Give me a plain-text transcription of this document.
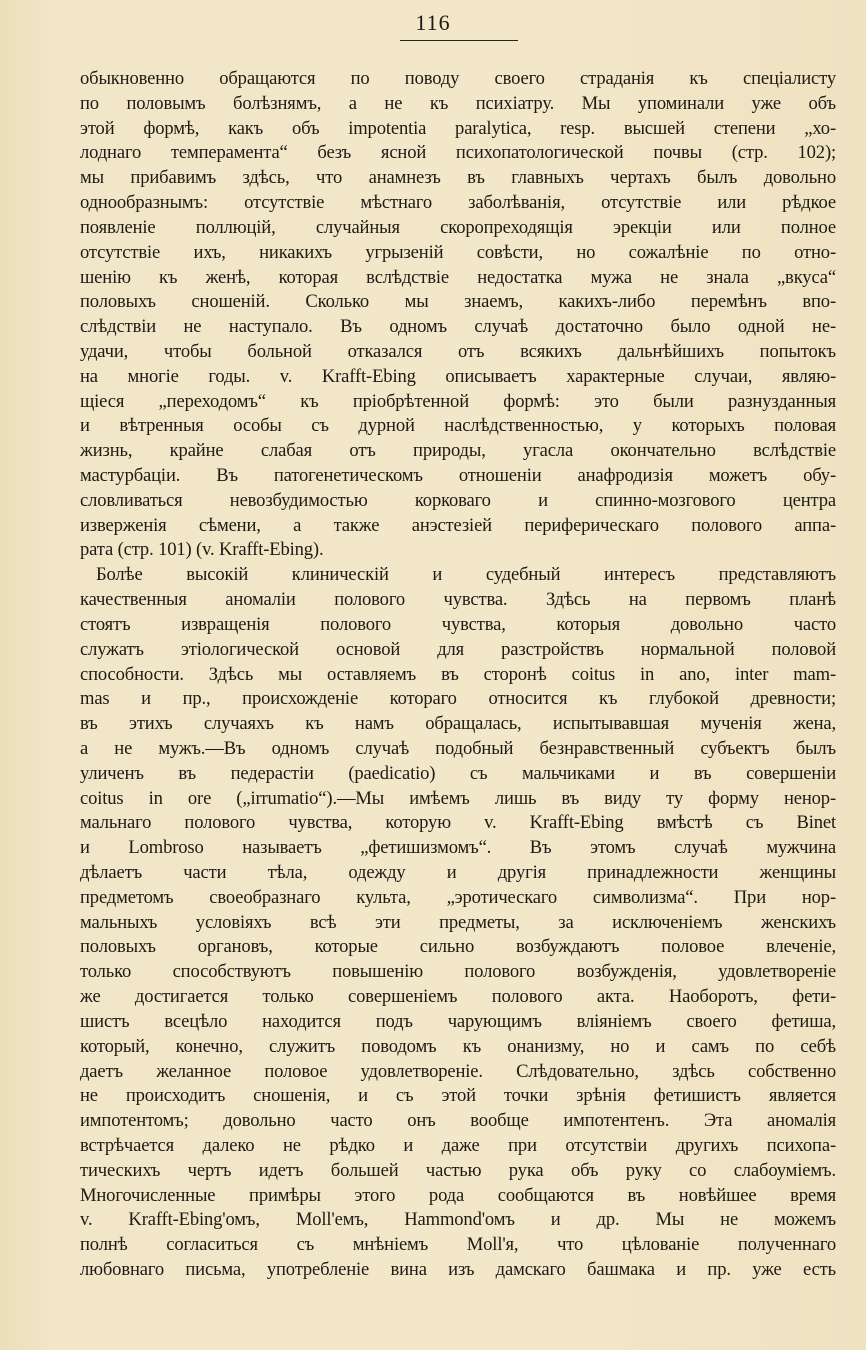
116
обыкновенно обращаются по поводу своего страданія къ спеціалисту
по половымъ болѣзнямъ, а не къ психіатру. Мы упоминали уже объ
этой формѣ, какъ объ impotentia paralytica, resp. высшей степени „хо-
лоднаго темперамента“ безъ ясной психопатологической почвы (стр. 102);
мы прибавимъ здѣсь, что анамнезъ въ главныхъ чертахъ былъ довольно
однообразнымъ: отсутствіе мѣстнаго заболѣванія, отсутствіе или рѣдкое
появленіе поллюцій, случайныя скоропреходящія эрекціи или полное
отсутствіе ихъ, никакихъ угрызеній совѣсти, но сожалѣніе по отно-
шенію къ женѣ, которая вслѣдствіе недостатка мужа не знала „вкуса“
половыхъ сношеній. Сколько мы знаемъ, какихъ-либо перемѣнъ впо-
слѣдствіи не наступало. Въ одномъ случаѣ достаточно было одной не-
удачи, чтобы больной отказался отъ всякихъ дальнѣйшихъ попытокъ
на многіе годы. v. Krafft-Ebing описываетъ характерные случаи, являю-
щіеся „переходомъ“ къ пріобрѣтенной формѣ: это были разнузданныя
и вѣтренныя особы съ дурной наслѣдственностью, у которыхъ половая
жизнь, крайне слабая отъ природы, угасла окончательно вслѣдствіе
мастурбаціи. Въ патогенетическомъ отношеніи анафродизія можетъ обу-
словливаться невозбудимостью корковаго и спинно-мозгового центра
изверженія сѣмени, а также анэстезіей периферическаго полового аппа-
рата (стр. 101) (v. Krafft-Ebing).
Болѣе высокій клиническій и судебный интересъ представляютъ
качественныя аномаліи полового чувства. Здѣсь на первомъ планѣ
стоятъ извращенія полового чувства, которыя довольно часто
служатъ этіологической основой для разстройствъ нормальной половой
способности. Здѣсь мы оставляемъ въ сторонѣ coitus in ano, inter mam-
mas и пр., происхожденіе котораго относится къ глубокой древности;
въ этихъ случаяхъ къ намъ обращалась, испытывавшая мученія жена,
а не мужъ.—Въ одномъ случаѣ подобный безнравственный субъектъ былъ
уличенъ въ педерастіи (paedicatio) съ мальчиками и въ совершеніи
coitus in ore („irrumatio“).—Мы имѣемъ лишь въ виду ту форму ненор-
мальнаго полового чувства, которую v. Krafft-Ebing вмѣстѣ съ Binet
и Lombroso называетъ „фетишизмомъ“. Въ этомъ случаѣ мужчина
дѣлаетъ части тѣла, одежду и другія принадлежности женщины
предметомъ своеобразнаго культа, „эротическаго символизма“. При нор-
мальныхъ условіяхъ всѣ эти предметы, за исключеніемъ женскихъ
половыхъ органовъ, которые сильно возбуждаютъ половое влеченіе,
только способствуютъ повышенію полового возбужденія, удовлетвореніе
же достигается только совершеніемъ полового акта. Наоборотъ, фети-
шистъ всецѣло находится подъ чарующимъ вліяніемъ своего фетиша,
который, конечно, служитъ поводомъ къ онанизму, но и самъ по себѣ
даетъ желанное половое удовлетвореніе. Слѣдовательно, здѣсь собственно
не происходитъ сношенія, и съ этой точки зрѣнія фетишистъ является
импотентомъ; довольно часто онъ вообще импотентенъ. Эта аномалія
встрѣчается далеко не рѣдко и даже при отсутствіи другихъ психопа-
тическихъ чертъ идетъ большей частью рука объ руку со слабоуміемъ.
Многочисленные примѣры этого рода сообщаются въ новѣйшее время
v. Krafft-Ebing'омъ, Moll'емъ, Hammond'омъ и др. Мы не можемъ
полнѣ согласиться съ мнѣніемъ Moll'я, что цѣлованіе полученнаго
любовнаго письма, употребленіе вина изъ дамскаго башмака и пр. уже есть
